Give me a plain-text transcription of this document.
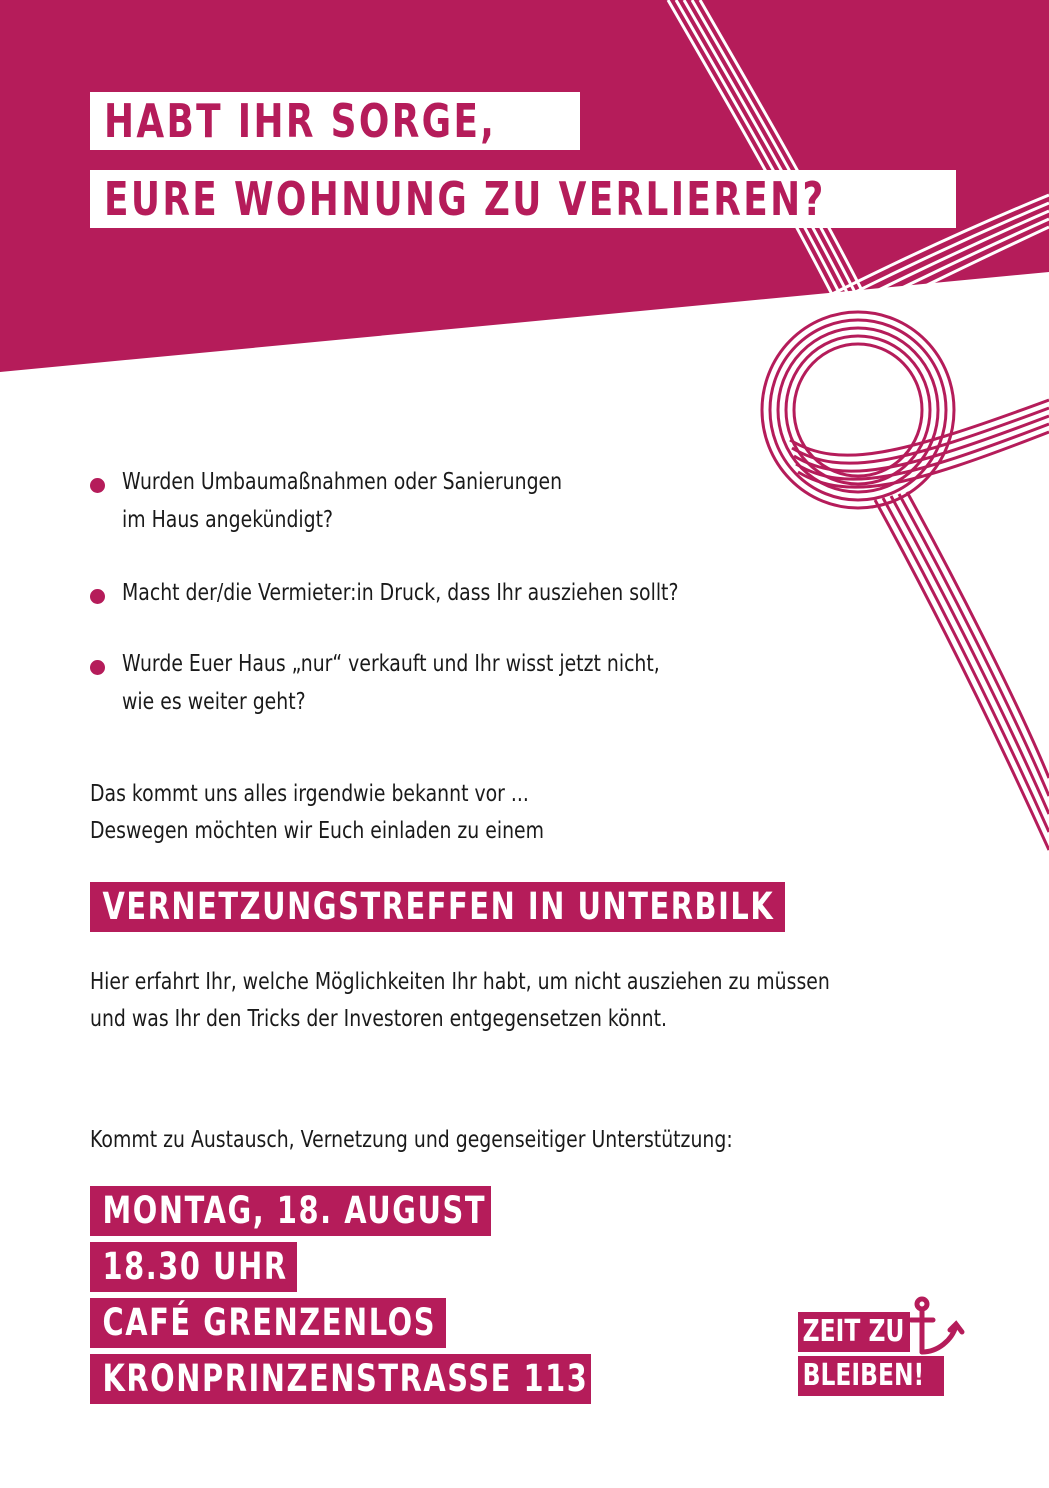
HABT IHR SORGE,
EURE WOHNUNG ZU VERLIEREN?
Wurden Umbaumaßnahmen oder Sanierungen
im Haus angekündigt?
Macht der/die Vermieter:in Druck, dass Ihr ausziehen sollt?
Wurde Euer Haus „nur“ verkauft und Ihr wisst jetzt nicht,
wie es weiter geht?
Das kommt uns alles irgendwie bekannt vor ...
Deswegen möchten wir Euch einladen zu einem
VERNETZUNGSTREFFEN IN UNTERBILK
Hier erfahrt Ihr, welche Möglichkeiten Ihr habt, um nicht ausziehen zu müssen
und was Ihr den Tricks der Investoren entgegensetzen könnt.
Kommt zu Austausch, Vernetzung und gegenseitiger Unterstützung:
MONTAG, 18. AUGUST
18.30 UHR
CAFÉ GRENZENLOS
KRONPRINZENSTRASSE 113
ZEIT ZU
BLEIBEN!
